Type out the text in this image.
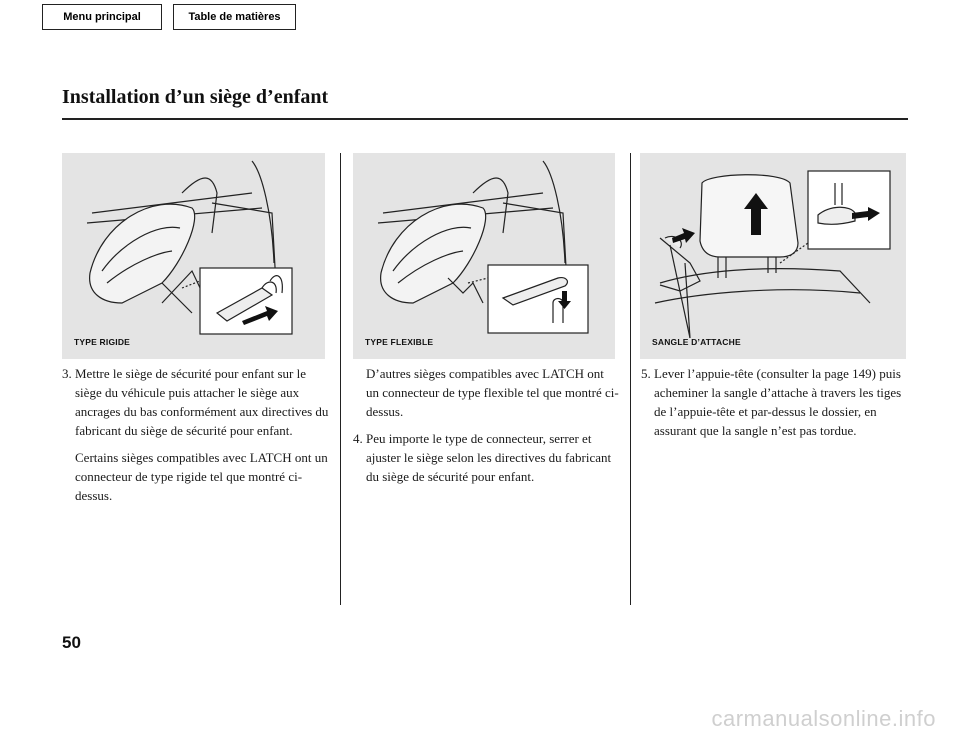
Menu principal	Table de matières
Installation d’un siège d’enfant
TYPE RIGIDE	TYPE FLEXIBLE	SANGLE D’ATTACHE

3. Mettre le siège de sécurité pour enfant sur le siège du véhicule puis attacher le siège aux ancrages du bas conformément aux directives du fabricant du siège de sécurité pour enfant.

Certains sièges compatibles avec LATCH ont un connecteur de type rigide tel que montré ci-dessus.

D’autres sièges compatibles avec LATCH ont un connecteur de type flexible tel que montré ci-dessus.

4. Peu importe le type de connecteur, serrer et ajuster le siège selon les directives du fabricant du siège de sécurité pour enfant.

5. Lever l’appuie-tête (consulter la page 149) puis acheminer la sangle d’attache à travers les tiges de l’appuie-tête et par-dessus le dossier, en assurant que la sangle n’est pas tordue.

50
carmanualsonline.info
